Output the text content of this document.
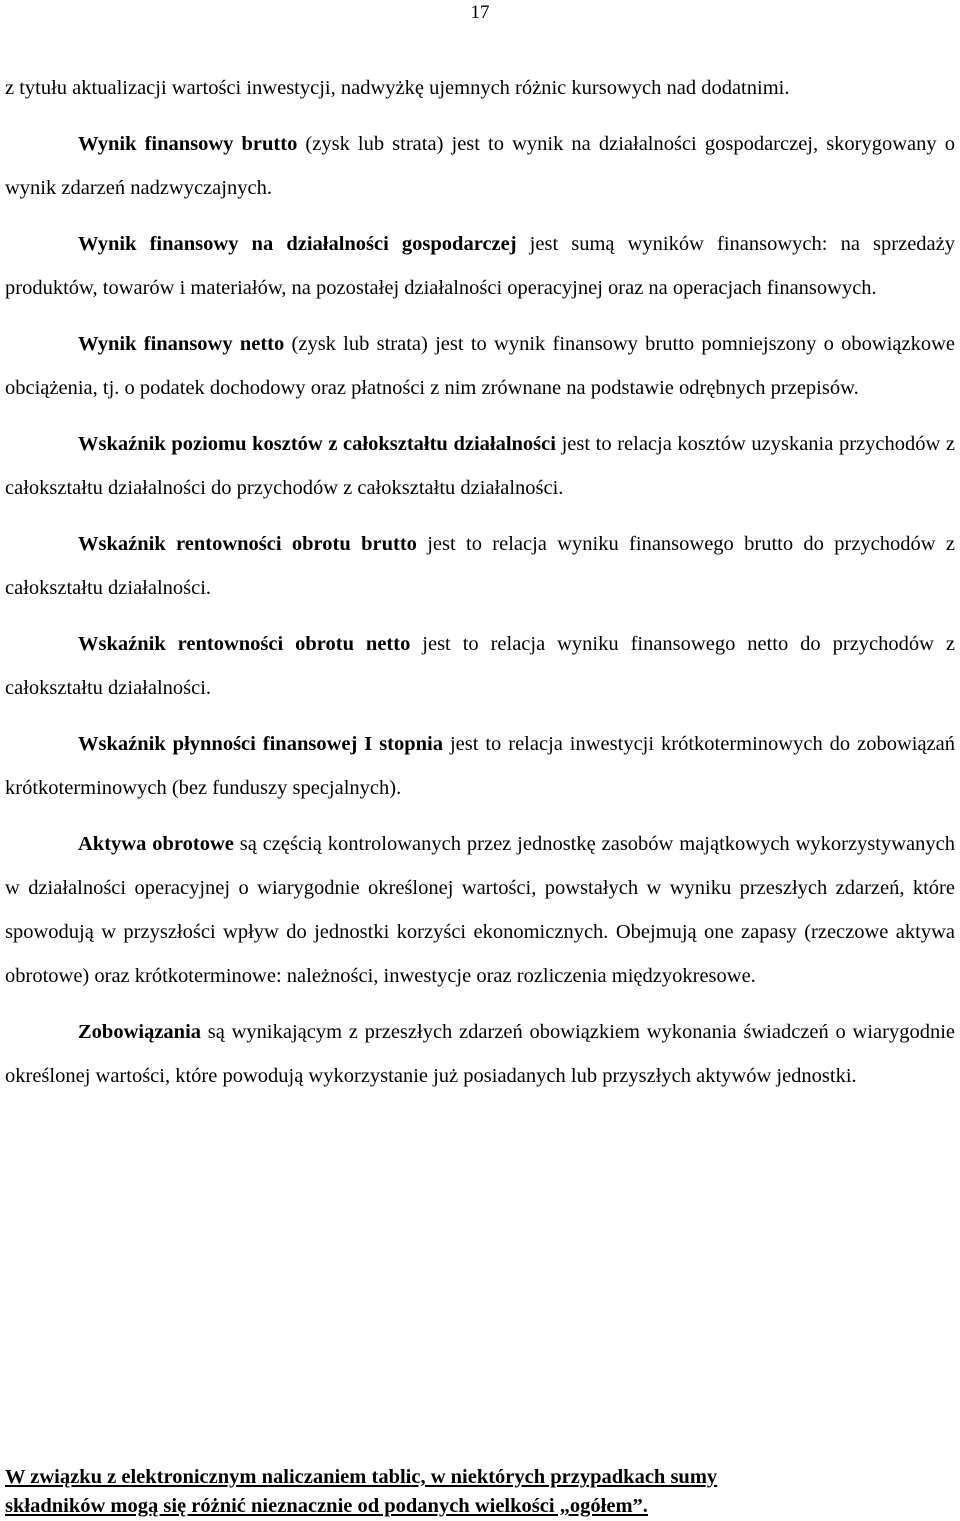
17

z tytułu aktualizacji wartości inwestycji, nadwyżkę ujemnych różnic kursowych nad dodatnimi.

Wynik finansowy brutto (zysk lub strata) jest to wynik na działalności gospodarczej, skorygowany o wynik zdarzeń nadzwyczajnych.

Wynik finansowy na działalności gospodarczej jest sumą wyników finansowych: na sprzedaży produktów, towarów i materiałów, na pozostałej działalności operacyjnej oraz na operacjach finansowych.

Wynik finansowy netto (zysk lub strata) jest to wynik finansowy brutto pomniejszony o obowiązkowe obciążenia, tj. o podatek dochodowy oraz płatności z nim zrównane na podstawie odrębnych przepisów.

Wskaźnik poziomu kosztów z całokształtu działalności jest to relacja kosztów uzyskania przychodów z całokształtu działalności do przychodów z całokształtu działalności.

Wskaźnik rentowności obrotu brutto jest to relacja wyniku finansowego brutto do przychodów z całokształtu działalności.

Wskaźnik rentowności obrotu netto jest to relacja wyniku finansowego netto do przychodów z całokształtu działalności.

Wskaźnik płynności finansowej I stopnia jest to relacja inwestycji krótkoterminowych do zobowiązań krótkoterminowych (bez funduszy specjalnych).

Aktywa obrotowe są częścią kontrolowanych przez jednostkę zasobów majątkowych wykorzystywanych w działalności operacyjnej o wiarygodnie określonej wartości, powstałych w wyniku przeszłych zdarzeń, które spowodują w przyszłości wpływ do jednostki korzyści ekonomicznych. Obejmują one zapasy (rzeczowe aktywa obrotowe) oraz krótkoterminowe: należności, inwestycje oraz rozliczenia międzyokresowe.

Zobowiązania są wynikającym z przeszłych zdarzeń obowiązkiem wykonania świadczeń o wiarygodnie określonej wartości, które powodują wykorzystanie już posiadanych lub przyszłych aktywów jednostki.

W związku z elektronicznym naliczaniem tablic, w niektórych przypadkach sumy
składników mogą się różnić nieznacznie od podanych wielkości „ogółem”.
